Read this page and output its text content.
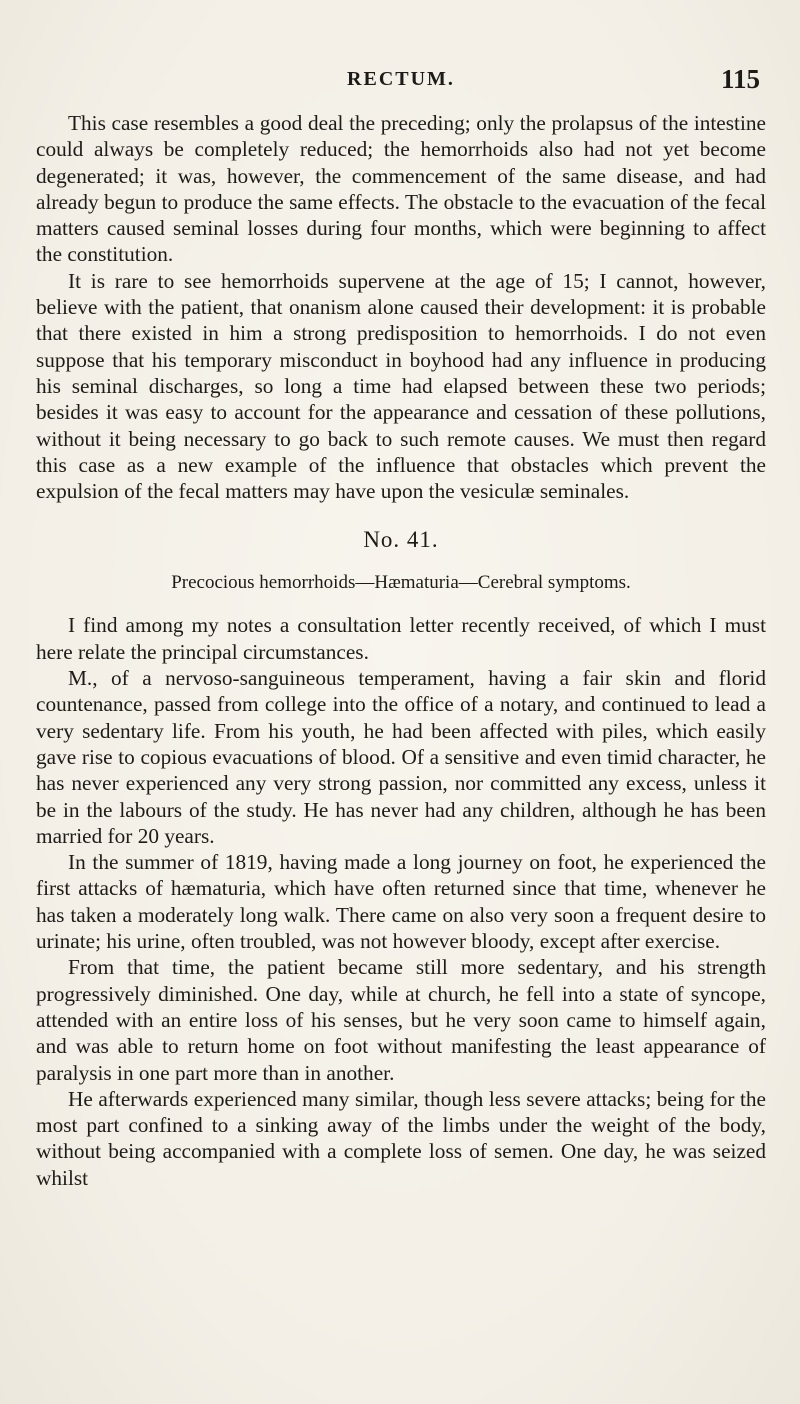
RECTUM.	115

This case resembles a good deal the preceding; only the prolapsus of the intestine could always be completely reduced; the hemorrhoids also had not yet become degenerated; it was, however, the commencement of the same disease, and had already begun to produce the same effects. The obstacle to the evacuation of the fecal matters caused seminal losses during four months, which were beginning to affect the constitution.

It is rare to see hemorrhoids supervene at the age of 15; I cannot, however, believe with the patient, that onanism alone caused their development: it is probable that there existed in him a strong predisposition to hemorrhoids. I do not even suppose that his temporary misconduct in boyhood had any influence in producing his seminal discharges, so long a time had elapsed between these two periods; besides it was easy to account for the appearance and cessation of these pollutions, without it being necessary to go back to such remote causes. We must then regard this case as a new example of the influence that obstacles which prevent the expulsion of the fecal matters may have upon the vesiculæ seminales.

No. 41.
Precocious hemorrhoids—Hæmaturia—Cerebral symptoms.

I find among my notes a consultation letter recently received, of which I must here relate the principal circumstances.

M., of a nervoso-sanguineous temperament, having a fair skin and florid countenance, passed from college into the office of a notary, and continued to lead a very sedentary life. From his youth, he had been affected with piles, which easily gave rise to copious evacuations of blood. Of a sensitive and even timid character, he has never experienced any very strong passion, nor committed any excess, unless it be in the labours of the study. He has never had any children, although he has been married for 20 years.

In the summer of 1819, having made a long journey on foot, he experienced the first attacks of hæmaturia, which have often returned since that time, whenever he has taken a moderately long walk. There came on also very soon a frequent desire to urinate; his urine, often troubled, was not however bloody, except after exercise.

From that time, the patient became still more sedentary, and his strength progressively diminished. One day, while at church, he fell into a state of syncope, attended with an entire loss of his senses, but he very soon came to himself again, and was able to return home on foot without manifesting the least appearance of paralysis in one part more than in another.

He afterwards experienced many similar, though less severe attacks; being for the most part confined to a sinking away of the limbs under the weight of the body, without being accompanied with a complete loss of semen. One day, he was seized whilst
